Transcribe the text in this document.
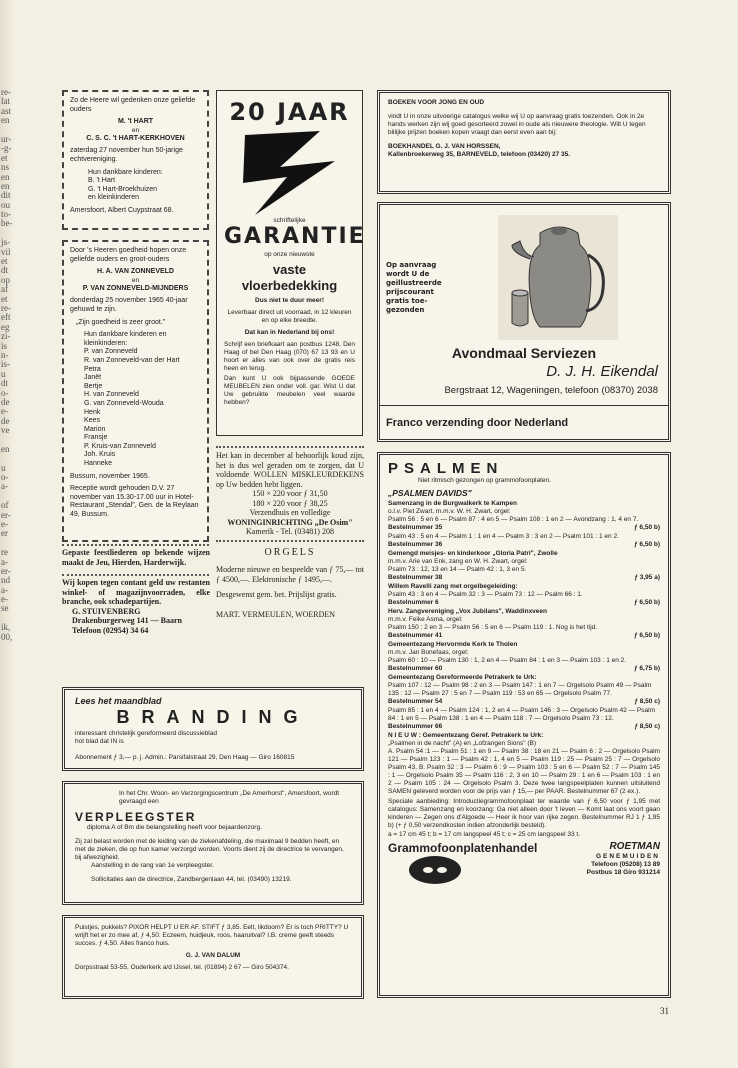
re-
lat
ast
en
ur-
-g-
et
ns
en
en
dit
ou
to-
be-
js-
vil
et
dt
op
af
et
re-
eft
eg
zi-
is
n-
is-
u
dt
o-
de
e-
de
ve
en
u
o-
a-
of
er-
e-
er
re
a-
er-
nd
a-
e-
se
ik,
00,

Zo de Heere wil gedenken onze geliefde ouders

M. 't HART

en

C. S. C. 't HART-KERKHOVEN

zaterdag 27 november hun 50-jarige echtvereniging.

Hun dankbare kinderen:

B. 't Hart

G. 't Hart-Broekhuizen

en kleinkinderen

Amersfoort, Albert Cuypstraat 68.

Door 's Heeren goedheid hopen onze geliefde ouders en groot-ouders

H. A. VAN ZONNEVELD

en

P. VAN ZONNEVELD-MIJNDERS

donderdag 25 november 1965 40-jaar gehuwd te zijn.

„Zijn goedheid is zeer groot."

Hun dankbare kinderen en kleinkinderen:

P. van Zonneveld

R. van Zonneveld-van der Hart

Petra

Janët

Bertje

H. van Zonneveld

G. van Zonneveld-Wouda

Henk

Kees

Marion

Fransje

P. Kruis-van Zonneveld

Joh. Kruis

Hanneke

Bussum, november 1965.

Receptie wordt gehouden D.V. 27 november van 15.30-17.00 uur in Hotel-Restaurant „Stendal", Gen. de la Reylaan 49, Bussum.

Gepaste feestliederen op bekende wijzen maakt de Jeu, Hierden, Harderwijk.

Wij kopen tegen contant geld uw restanten winkel- of magazijnvoorraden, elke branche, ook schadepartijen.

G. STUIVENBERG

Drakenburgerweg 141 — Baarn

Telefoon (02954) 34 64

20 JAAR

schriftelijke

GARANTIE

op onze nieuwste

vaste vloerbedekking

Dus niet te duur meer!

Leverbaar direct uit voorraad, in 12 kleuren en op elke breedte.

Dat kan in Nederland bij ons!

Schrijf een briefkaart aan postbus 1248, Den Haag of bel Den Haag (070) 67 13 93 en U hoort er alles van ook over de gratis reis heen en terug.

Dan kunt U ook bijpassende GOEDE MEUBELEN zien onder voll. gar. Wist U dat Uw gebruikte meubelen veel waarde hebben?

Het kan in december al behoorlijk koud zijn, het is dus wel geraden om te zorgen, dat U voldoende WOLLEN MISKLEURDEKENS op Uw bedden hebt liggen.

150 × 220 voor ƒ 31,50

180 × 220 voor ƒ 38,25

Verzendhuis en volledige

WONINGINRICHTING „De Osim"

Kamerik - Tel. (03481) 208

ORGELS

Moderne nieuwe en bespeelde van ƒ 75,— tot ƒ 4500,—. Elektronische ƒ 1495,—.

Desgewenst gem. bet. Prijslijst gratis.

MART. VERMEULEN, WOERDEN

BOEKEN VOOR JONG EN OUD

vindt U in onze uitvoerige catalogus welke wij U op aanvraag gratis toezenden. Ook in 2e hands werken zijn wij goed gesorteerd zowel in oude als nieuwere theologie. Wilt U tegen billijke prijzen boeken kopen vraagt dan eerst even aan bij:

BOEKHANDEL G. J. VAN HORSSEN,

Kallenbroekerweg 35, BARNEVELD, telefoon (03420) 27 35.

Op aanvraag

wordt U de

geillustreerde

prijscourant

gratis toe-

gezonden

Avondmaal Serviezen

D. J. H. Eikendal

Bergstraat 12, Wageningen, telefoon (08370) 2038

Franco verzending door Nederland

PSALMEN

Niet ritmisch gezongen op grammofoonplaten.

„PSALMEN DAVIDS"

Samenzang in de Burgwalkerk te Kampen

o.l.v. Piet Zwart, m.m.v. W. H. Zwart, orgel:

Psalm 56 : 5 en 6 — Psalm 87 : 4 en 5 — Psalm 108 : 1 en 2 — Avondzang : 1, 4 en 7.

Bestelnummer 35	ƒ 6,50 b)

Psalm 43 : 5 en 4 — Psalm 1 : 1 en 4 — Psalm 3 : 3 en 2 — Psalm 101 : 1 en 2.

Bestelnummer 36	ƒ 6,50 b)

Gemengd meisjes- en kinderkoor „Gloria Patri", Zwolle

m.m.v. Arie van Enk, zang en W. H. Zwart, orgel:

Psalm 73 : 12, 13 en 14 — Psalm 42 : 1, 3 en 5.

Bestelnummer 38	ƒ 3,95 a)

Willem Ravelli zang met orgelbegeleiding:

Psalm 43 : 3 en 4 — Psalm 32 : 3 — Psalm 73 : 12 — Psalm 66 : 1.

Bestelnummer 6	ƒ 6,50 b)

Herv. Zangvereniging „Vox Jubilans", Waddinxveen

m.m.v. Feike Asma, orgel:

Psalm 150 : 2 en 3 — Psalm 56 : 5 en 6 — Psalm 119 : 1. Nog is het tijd.

Bestelnummer 41	ƒ 6,50 b)

Gemeentezang Hervormde Kerk te Tholen

m.m.v. Jan Bonefaas, orgel:

Psalm 60 : 10 — Psalm 130 : 1, 2 en 4 — Psalm 84 : 1 en 3 — Psalm 103 : 1 en 2.

Bestelnummer 60	ƒ 6,75 b)

Gemeentezang Gereformeerde Petrakerk te Urk:

Psalm 107 : 12 — Psalm 98 : 2 en 3 — Psalm 147 : 1 en 7 — Orgelsolo Psalm 49 — Psalm 135 : 12 — Psalm 27 : 5 en 7 — Psalm 119 : 53 en 65 — Orgelsolo Psalm 77.

Bestelnummer 54	ƒ 8,50 c)

Psalm 85 : 1 en 4 — Psalm 124 : 1, 2 en 4 — Psalm 146 : 3 — Orgelsolo Psalm 42 — Psalm 84 : 1 en 5 — Psalm 138 : 1 en 4 — Psalm 118 : 7 — Orgelsolo Psalm 73 : 12.

Bestelnummer 66	ƒ 8,50 c)

N I E U W : Gemeentezang Geref. Petrakerk te Urk:

„Psalmen in de nacht" (A) en „Lofzangen Sions" (B)

A. Psalm 54 :1 — Psalm 51 : 1 en 9 — Psalm 38 : 18 en 21 — Psalm 6 : 2 — Orgelsolo Psalm 121 — Psalm 123 : 1 — Psalm 42 : 1, 4 en 5 — Psalm 119 : 25 — Psalm 25 : 7 — Orgelsolo Psalm 43. B. Psalm 32 : 3 — Psalm 6 : 9 — Psalm 103 : 5 en 6 — Psalm 52 : 7 — Psalm 145 : 1 — Orgelsolo Psalm 35 — Psalm 116 : 2, 3 en 10 — Psalm 29 : 1 en 6 — Psalm 103 : 1 en 2 — Psalm 105 : 24 — Orgelsolo Psalm 3. Deze twee langspeelplaten kunnen uitsluitend SAMEN geleverd worden voor de prijs van ƒ 15,— per PAAR. Bestelnummer 67 (2 ex.).

Speciale aanbieding: Introductiegrammofoonplaat ter waarde van ƒ 6,50 voor ƒ 1,95 met catalogus: Samenzang en koorzang: Ga niet alleen door 't leven — Komt laat ons voort gaan kinderen — Zegen ons d'Algoede — Heer ik hoor van rijke zegen. Bestelnummer RJ 1 ƒ 1,95 b) (+ ƒ 0,50 verzendkosten indien afzonderlijk besteld).

a = 17 cm 45 t; b = 17 cm langspeel 45 t; c = 25 cm langspeel 33 t.

Grammofoonplatenhandel	ROETMAN

GENEMUIDEN

Telefoon (05208) 13 89

Postbus 18 Giro 931214

Lees het maandblad

BRANDING

interessant christelijk gereformeerd discussieblad

hot blad dat IN is

Abonnement ƒ 3,— p. j. Admin.: Parsifalstraat 29, Den Haag — Giro 160815

In het Chr. Woon- en Verzorgingscentrum „De Amerhorst", Amersfoort, wordt gevraagd een

VERPLEEGSTER

diploma A of Bm die belangstelling heeft voor bejaardenzorg.

Zij zal belast worden met de leiding van de ziekenafdeling, die maximaal 9 bedden heeft, en met de zieken, die op hun kamer verzorgd worden. Voorts dient zij de directrice te vervangen, bij afwezigheid.

Aanstelling in de rang van 1e verpleegster.

Sollicitaties aan de directrice, Zandbergenlaan 44, tel. (03490) 13219.

Puistjes, pukkels? PIXOR HELPT U ER AF. STIFT ƒ 3,85. Eelt, likdoorn? Er is toch PRITTY? U wrijft het er zo mee af, ƒ 4,50. Eczeem, huidjeuk, roos, haaruitval? I.B. creme geeft steeds succes. ƒ 4,50. Alles franco huis.

G. J. VAN DALUM

Dorpsstraat 53-55, Ouderkerk a/d IJssel, tel. (01894) 2 67 — Giro 504374.

31
